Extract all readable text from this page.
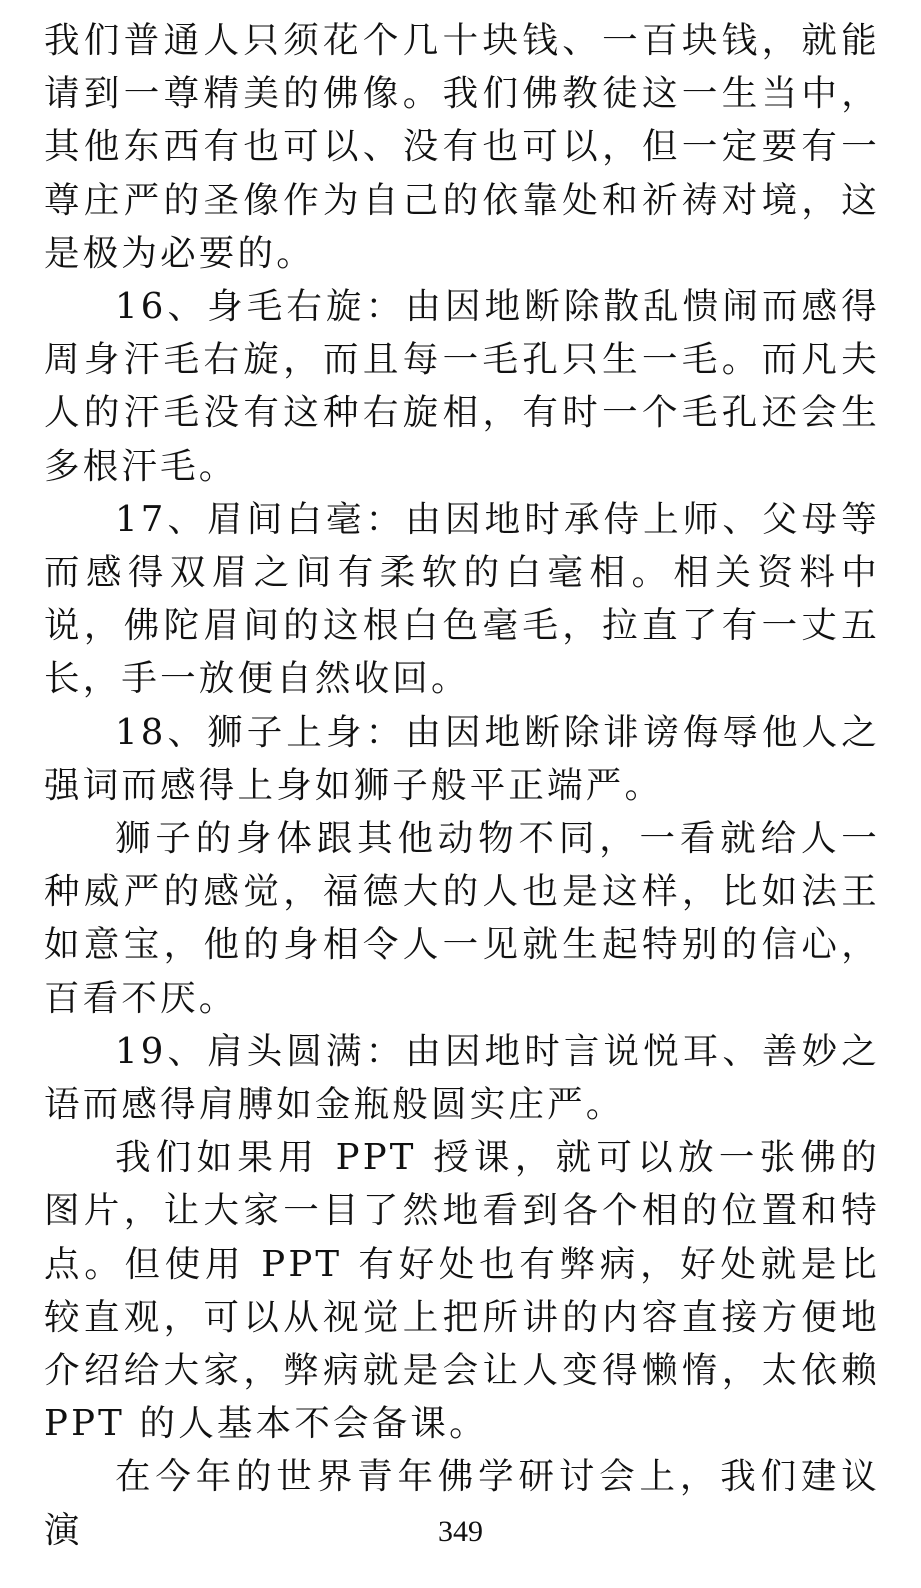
我们普通人只须花个几十块钱、一百块钱，就能请到一尊精美的佛像。我们佛教徒这一生当中，其他东西有也可以、没有也可以，但一定要有一尊庄严的圣像作为自己的依靠处和祈祷对境，这是极为必要的。

16、身毛右旋：由因地断除散乱愦闹而感得周身汗毛右旋，而且每一毛孔只生一毛。而凡夫人的汗毛没有这种右旋相，有时一个毛孔还会生多根汗毛。

17、眉间白毫：由因地时承侍上师、父母等而感得双眉之间有柔软的白毫相。相关资料中说，佛陀眉间的这根白色毫毛，拉直了有一丈五长，手一放便自然收回。

18、狮子上身：由因地断除诽谤侮辱他人之强词而感得上身如狮子般平正端严。

狮子的身体跟其他动物不同，一看就给人一种威严的感觉，福德大的人也是这样，比如法王如意宝，他的身相令人一见就生起特别的信心，百看不厌。

19、肩头圆满：由因地时言说悦耳、善妙之语而感得肩膊如金瓶般圆实庄严。

我们如果用 PPT 授课，就可以放一张佛的图片，让大家一目了然地看到各个相的位置和特点。但使用 PPT 有好处也有弊病，好处就是比较直观，可以从视觉上把所讲的内容直接方便地介绍给大家，弊病就是会让人变得懒惰，太依赖 PPT 的人基本不会备课。

在今年的世界青年佛学研讨会上，我们建议演	349
